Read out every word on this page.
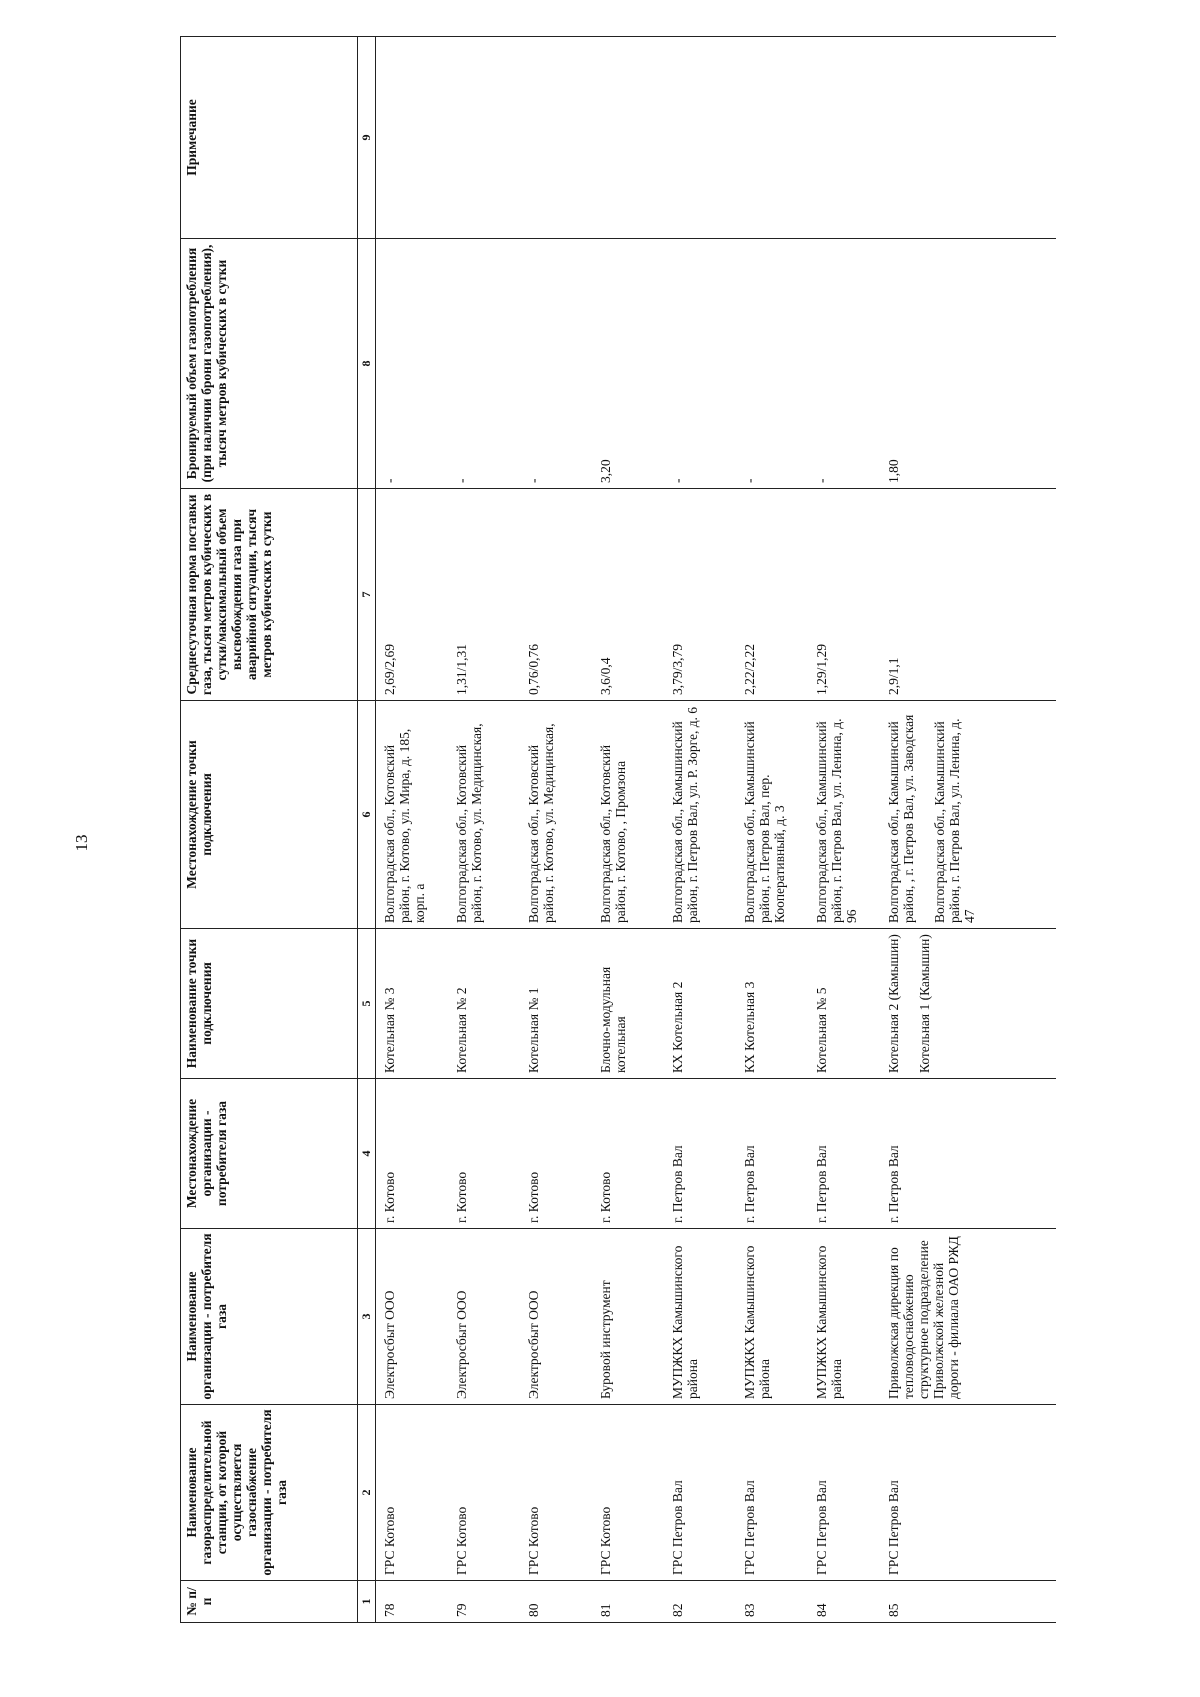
13
№ п/п	Наименование газораспределительной станции, от которой осуществляется газоснабжение организации - потребителя газа	Наименование организации - потребителя газа	Местонахождение организации - потребителя газа	Наименование точки подключения	Местонахождение точки подключения	Среднесуточная норма поставки газа, тысяч метров кубических в сутки/максимальный объем высвобождения газа при аварийной ситуации, тысяч метров кубических в сутки	Бронируемый объем газопотребления (при наличии брони газопотребления), тысяч метров кубических в сутки	Примечание
1	2	3	4	5	6	7	8	9
78	ГРС Котово	Электросбыт ООО	г. Котово	Котельная № 3	Волгоградская обл., Котовский район, г. Котово, ул. Мира, д. 185, корп. а	2,69/2,69	-	
79	ГРС Котово	Электросбыт ООО	г. Котово	Котельная № 2	Волгоградская обл., Котовский район, г. Котово, ул. Медицинская,	1,31/1,31	-	
80	ГРС Котово	Электросбыт ООО	г. Котово	Котельная № 1	Волгоградская обл., Котовский район, г. Котово, ул. Медицинская,	0,76/0,76	-	
81	ГРС Котово	Буровой инструмент	г. Котово	Блочно-модульная котельная	Волгоградская обл., Котовский район, г. Котово, , Промзона	3,6/0,4	3,20	
82	ГРС Петров Вал	МУПЖКХ Камышинского района	г. Петров Вал	КХ Котельная 2	Волгоградская обл., Камышинский район, г. Петров Вал, ул. Р. Зорге, д. 6	3,79/3,79	-	
83	ГРС Петров Вал	МУПЖКХ Камышинского района	г. Петров Вал	КХ Котельная 3	Волгоградская обл., Камышинский район, г. Петров Вал, пер. Кооперативный, д. 3	2,22/2,22	-	
84	ГРС Петров Вал	МУПЖКХ Камышинского района	г. Петров Вал	Котельная № 5	Волгоградская обл., Камышинский район, г. Петров Вал, ул. Ленина, д. 96	1,29/1,29	-	
85	ГРС Петров Вал	Приволжская дирекция по тепловодоснабжению структурное подразделение Приволжской железной дороги - филиала ОАО РЖД	г. Петров Вал	Котельная 2 (Камышин) Котельная 1 (Камышин)	Волгоградская обл., Камышинский район, , г. Петров Вал, ул. Заводская Волгоградская обл., Камышинский район, г. Петров Вал, ул. Ленина, д. 47	2,9/1,1	1,80	
